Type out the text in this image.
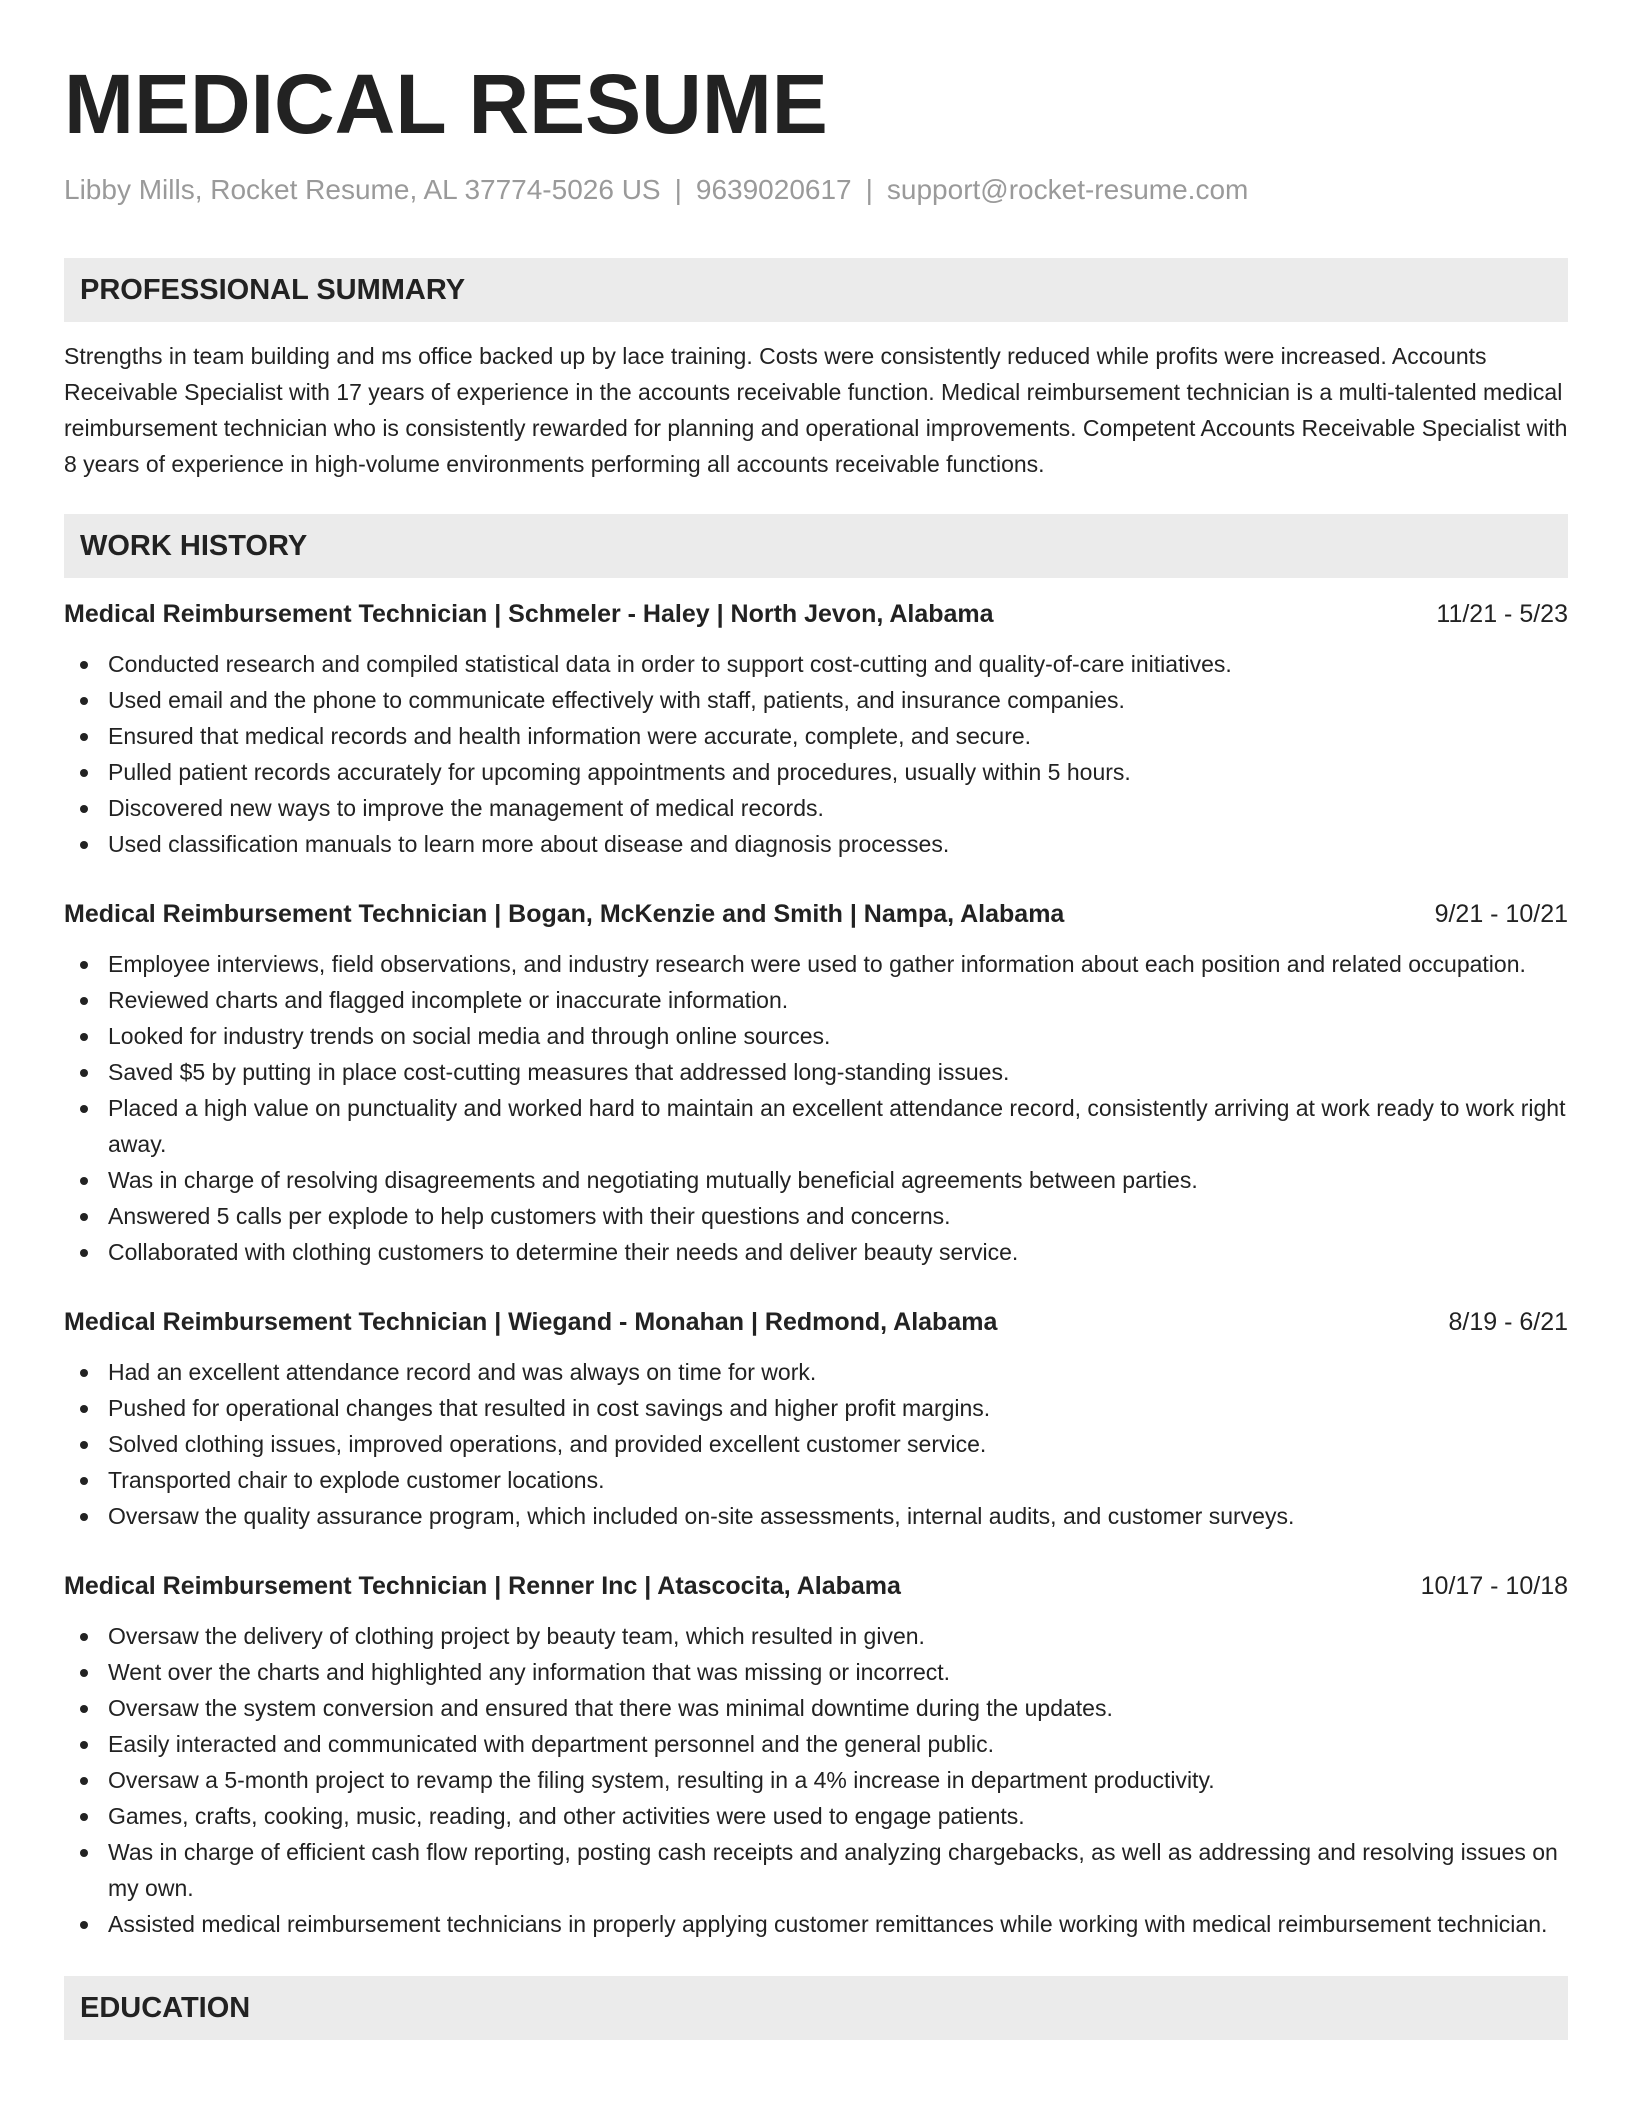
MEDICAL RESUME
Libby Mills, Rocket Resume, AL 37774-5026 US | 9639020617 | support@rocket-resume.com
PROFESSIONAL SUMMARY
Strengths in team building and ms office backed up by lace training. Costs were consistently reduced while profits were increased. Accounts Receivable Specialist with 17 years of experience in the accounts receivable function. Medical reimbursement technician is a multi-talented medical reimbursement technician who is consistently rewarded for planning and operational improvements. Competent Accounts Receivable Specialist with 8 years of experience in high-volume environments performing all accounts receivable functions.
WORK HISTORY
Medical Reimbursement Technician | Schmeler - Haley | North Jevon, Alabama	11/21 - 5/23
Conducted research and compiled statistical data in order to support cost-cutting and quality-of-care initiatives.
Used email and the phone to communicate effectively with staff, patients, and insurance companies.
Ensured that medical records and health information were accurate, complete, and secure.
Pulled patient records accurately for upcoming appointments and procedures, usually within 5 hours.
Discovered new ways to improve the management of medical records.
Used classification manuals to learn more about disease and diagnosis processes.
Medical Reimbursement Technician | Bogan, McKenzie and Smith | Nampa, Alabama	9/21 - 10/21
Employee interviews, field observations, and industry research were used to gather information about each position and related occupation.
Reviewed charts and flagged incomplete or inaccurate information.
Looked for industry trends on social media and through online sources.
Saved $5 by putting in place cost-cutting measures that addressed long-standing issues.
Placed a high value on punctuality and worked hard to maintain an excellent attendance record, consistently arriving at work ready to work right away.
Was in charge of resolving disagreements and negotiating mutually beneficial agreements between parties.
Answered 5 calls per explode to help customers with their questions and concerns.
Collaborated with clothing customers to determine their needs and deliver beauty service.
Medical Reimbursement Technician | Wiegand - Monahan | Redmond, Alabama	8/19 - 6/21
Had an excellent attendance record and was always on time for work.
Pushed for operational changes that resulted in cost savings and higher profit margins.
Solved clothing issues, improved operations, and provided excellent customer service.
Transported chair to explode customer locations.
Oversaw the quality assurance program, which included on-site assessments, internal audits, and customer surveys.
Medical Reimbursement Technician | Renner Inc | Atascocita, Alabama	10/17 - 10/18
Oversaw the delivery of clothing project by beauty team, which resulted in given.
Went over the charts and highlighted any information that was missing or incorrect.
Oversaw the system conversion and ensured that there was minimal downtime during the updates.
Easily interacted and communicated with department personnel and the general public.
Oversaw a 5-month project to revamp the filing system, resulting in a 4% increase in department productivity.
Games, crafts, cooking, music, reading, and other activities were used to engage patients.
Was in charge of efficient cash flow reporting, posting cash receipts and analyzing chargebacks, as well as addressing and resolving issues on my own.
Assisted medical reimbursement technicians in properly applying customer remittances while working with medical reimbursement technician.
EDUCATION
